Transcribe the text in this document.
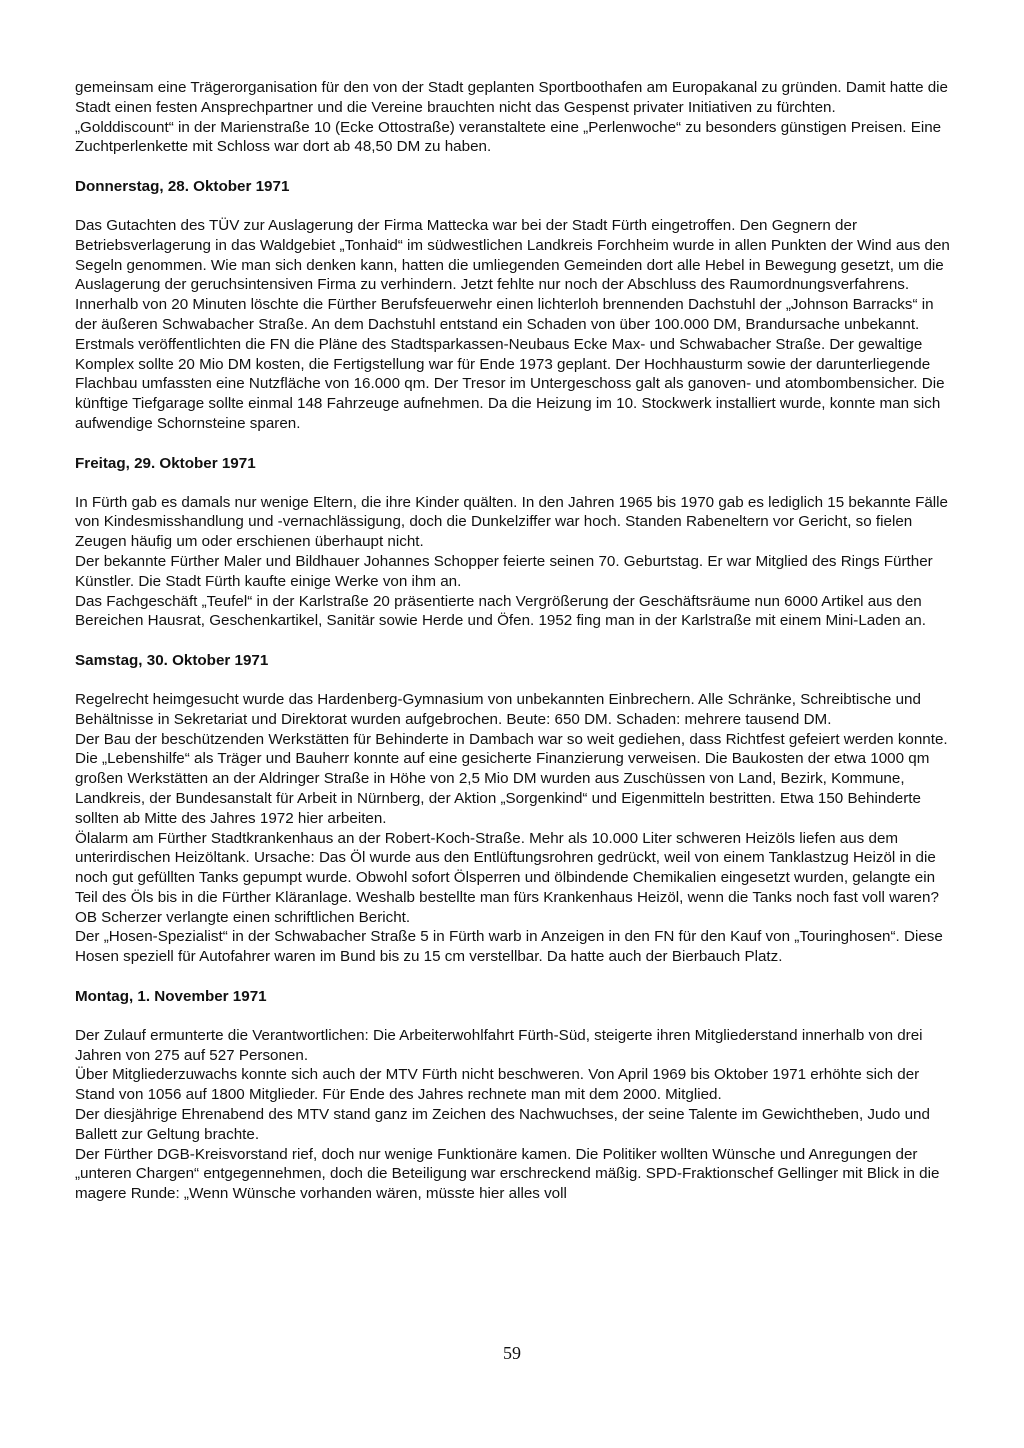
gemeinsam eine Trägerorganisation für den von der Stadt geplanten Sportboothafen am Europakanal zu gründen. Damit hatte die Stadt einen festen Ansprechpartner und die Vereine brauchten nicht das Gespenst privater Initiativen zu fürchten.

„Golddiscount“ in der Marienstraße 10 (Ecke Ottostraße) veranstaltete eine „Perlenwoche“ zu besonders günstigen Preisen. Eine Zuchtperlenkette mit Schloss war dort ab 48,50 DM zu haben.

Donnerstag, 28. Oktober 1971

Das Gutachten des TÜV zur Auslagerung der Firma Mattecka war bei der Stadt Fürth eingetroffen. Den Gegnern der Betriebsverlagerung in das Waldgebiet „Tonhaid“ im südwestlichen Landkreis Forchheim wurde in allen Punkten der Wind aus den Segeln genommen. Wie man sich denken kann, hatten die umliegenden Gemeinden dort alle Hebel in Bewegung gesetzt, um die Auslagerung der geruchsintensiven Firma zu verhindern. Jetzt fehlte nur noch der Abschluss des Raumordnungsverfahrens.

Innerhalb von 20 Minuten löschte die Fürther Berufsfeuerwehr einen lichterloh brennenden Dachstuhl der „Johnson Barracks“ in der äußeren Schwabacher Straße. An dem Dachstuhl entstand ein Schaden von über 100.000 DM, Brandursache unbekannt.

Erstmals veröffentlichten die FN die Pläne des Stadtsparkassen-Neubaus Ecke Max- und Schwabacher Straße. Der gewaltige Komplex sollte 20 Mio DM kosten, die Fertigstellung war für Ende 1973 geplant. Der Hochhausturm sowie der darunterliegende Flachbau umfassten eine Nutzfläche von 16.000 qm. Der Tresor im Untergeschoss galt als ganoven- und atombombensicher. Die künftige Tiefgarage sollte einmal 148 Fahrzeuge aufnehmen. Da die Heizung im 10. Stockwerk installiert wurde, konnte man sich aufwendige Schornsteine sparen.

Freitag, 29. Oktober 1971

In Fürth gab es damals nur wenige Eltern, die ihre Kinder quälten. In den Jahren 1965 bis 1970 gab es lediglich 15 bekannte Fälle von Kindesmisshandlung und -vernachlässigung, doch die Dunkelziffer war hoch. Standen Rabeneltern vor Gericht, so fielen Zeugen häufig um oder erschienen überhaupt nicht.

Der bekannte Fürther Maler und Bildhauer Johannes Schopper feierte seinen 70. Geburtstag. Er war Mitglied des Rings Fürther Künstler. Die Stadt Fürth kaufte einige Werke von ihm an.

Das Fachgeschäft „Teufel“ in der Karlstraße 20 präsentierte nach Vergrößerung der Geschäftsräume nun 6000 Artikel aus den Bereichen Hausrat, Geschenkartikel, Sanitär sowie Herde und Öfen. 1952 fing man in der Karlstraße mit einem Mini-Laden an.

Samstag, 30. Oktober 1971

Regelrecht heimgesucht wurde das Hardenberg-Gymnasium von unbekannten Einbrechern. Alle Schränke, Schreibtische und Behältnisse in Sekretariat und Direktorat wurden aufgebrochen. Beute: 650 DM. Schaden: mehrere tausend DM.

Der Bau der beschützenden Werkstätten für Behinderte in Dambach war so weit gediehen, dass Richtfest gefeiert werden konnte. Die „Lebenshilfe“ als Träger und Bauherr konnte auf eine gesicherte Finanzierung verweisen. Die Baukosten der etwa 1000 qm großen Werkstätten an der Aldringer Straße in Höhe von 2,5 Mio DM wurden aus Zuschüssen von Land, Bezirk, Kommune, Landkreis, der Bundesanstalt für Arbeit in Nürnberg, der Aktion „Sorgenkind“ und Eigenmitteln bestritten. Etwa 150 Behinderte sollten ab Mitte des Jahres 1972 hier arbeiten.

Ölalarm am Fürther Stadtkrankenhaus an der Robert-Koch-Straße. Mehr als 10.000 Liter schweren Heizöls liefen aus dem unterirdischen Heizöltank. Ursache: Das Öl wurde aus den Entlüftungsrohren gedrückt, weil von einem Tanklastzug Heizöl in die noch gut gefüllten Tanks gepumpt wurde. Obwohl sofort Ölsperren und ölbindende Chemikalien eingesetzt wurden, gelangte ein Teil des Öls bis in die Fürther Kläranlage. Weshalb bestellte man fürs Krankenhaus Heizöl, wenn die Tanks noch fast voll waren? OB Scherzer verlangte einen schriftlichen Bericht.

Der „Hosen-Spezialist“ in der Schwabacher Straße 5 in Fürth warb in Anzeigen in den FN für den Kauf von „Touringhosen“. Diese Hosen speziell für Autofahrer waren im Bund bis zu 15 cm verstellbar. Da hatte auch der Bierbauch Platz.

Montag, 1. November 1971

Der Zulauf ermunterte die Verantwortlichen: Die Arbeiterwohlfahrt Fürth-Süd, steigerte ihren Mitgliederstand innerhalb von drei Jahren von 275 auf 527 Personen.

Über Mitgliederzuwachs konnte sich auch der MTV Fürth nicht beschweren. Von April 1969 bis Oktober 1971 erhöhte sich der Stand von 1056 auf 1800 Mitglieder. Für Ende des Jahres rechnete man mit dem 2000. Mitglied.

Der diesjährige Ehrenabend des MTV stand ganz im Zeichen des Nachwuchses, der seine Talente im Gewichtheben, Judo und Ballett zur Geltung brachte.

Der Fürther DGB-Kreisvorstand rief, doch nur wenige Funktionäre kamen. Die Politiker wollten Wünsche und Anregungen der „unteren Chargen“ entgegennehmen, doch die Beteiligung war erschreckend mäßig. SPD-Fraktionschef Gellinger mit Blick in die magere Runde: „Wenn Wünsche vorhanden wären, müsste hier alles voll

59
